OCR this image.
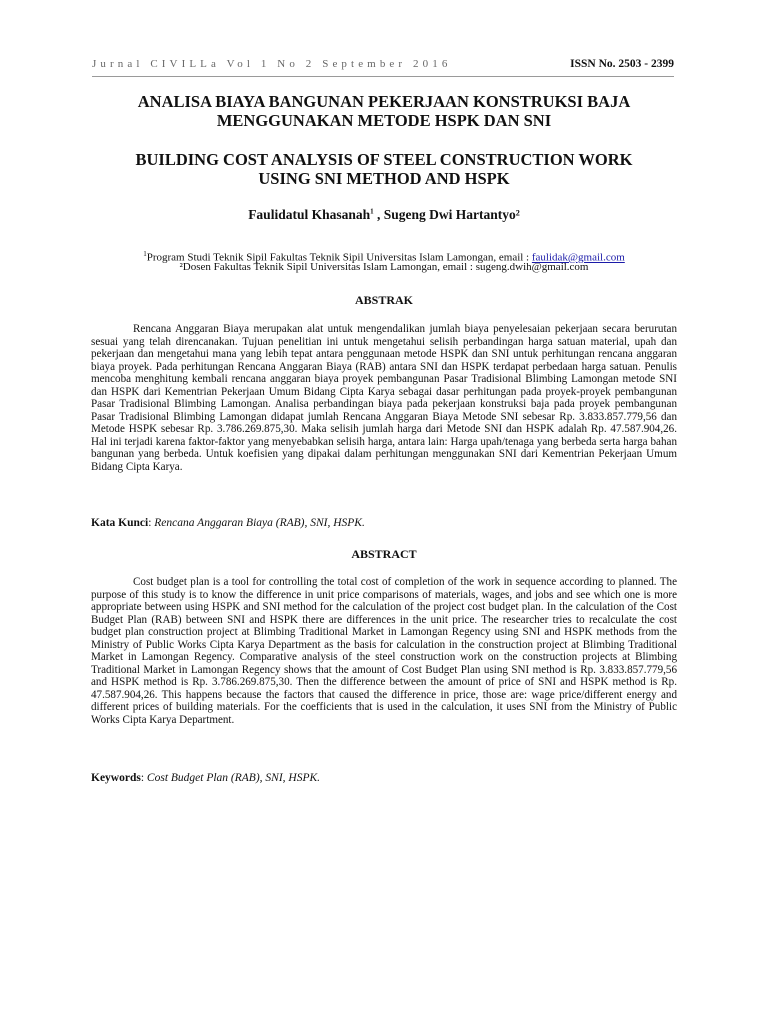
Jurnal CIVILLa Vol 1 No 2 September 2016	ISSN No. 2503 - 2399
ANALISA BIAYA BANGUNAN PEKERJAAN KONSTRUKSI BAJA
MENGGUNAKAN METODE HSPK DAN SNI
BUILDING COST ANALYSIS OF STEEL CONSTRUCTION WORK
USING SNI METHOD AND HSPK
Faulidatul Khasanah$^1$ , Sugeng Dwi Hartantyo²
$^1$Program Studi Teknik Sipil Fakultas Teknik Sipil Universitas Islam Lamongan, email : faulidak@gmail.com
²Dosen Fakultas Teknik Sipil Universitas Islam Lamongan, email : sugeng.dwih@gmail.com
ABSTRAK

Rencana Anggaran Biaya merupakan alat untuk mengendalikan jumlah biaya penyelesaian pekerjaan secara berurutan sesuai yang telah direncanakan. Tujuan penelitian ini untuk mengetahui selisih perbandingan harga satuan material, upah dan pekerjaan dan mengetahui mana yang lebih tepat antara penggunaan metode HSPK dan SNI untuk perhitungan rencana anggaran biaya proyek. Pada perhitungan Rencana Anggaran Biaya (RAB) antara SNI dan HSPK terdapat perbedaan harga satuan. Penulis mencoba menghitung kembali rencana anggaran biaya proyek pembangunan Pasar Tradisional Blimbing Lamongan metode SNI dan HSPK dari Kementrian Pekerjaan Umum Bidang Cipta Karya sebagai dasar perhitungan pada proyek-proyek pembangunan Pasar Tradisional Blimbing Lamongan. Analisa perbandingan biaya pada pekerjaan konstruksi baja pada proyek pembangunan Pasar Tradisional Blimbing Lamongan didapat jumlah Rencana Anggaran Biaya Metode SNI sebesar Rp. 3.833.857.779,56 dan Metode HSPK sebesar Rp. 3.786.269.875,30. Maka selisih jumlah harga dari Metode SNI dan HSPK adalah Rp. 47.587.904,26. Hal ini terjadi karena faktor-faktor yang menyebabkan selisih harga, antara lain: Harga upah/tenaga yang berbeda serta harga bahan bangunan yang berbeda. Untuk koefisien yang dipakai dalam perhitungan menggunakan SNI dari Kementrian Pekerjaan Umum Bidang Cipta Karya.

Kata Kunci: Rencana Anggaran Biaya (RAB), SNI, HSPK.
ABSTRACT

Cost budget plan is a tool for controlling the total cost of completion of the work in sequence according to planned. The purpose of this study is to know the difference in unit price comparisons of materials, wages, and jobs and see which one is more appropriate between using HSPK and SNI method for the calculation of the project cost budget plan. In the calculation of the Cost Budget Plan (RAB) between SNI and HSPK there are differences in the unit price. The researcher tries to recalculate the cost budget plan construction project at Blimbing Traditional Market in Lamongan Regency using SNI and HSPK methods from the Ministry of Public Works Cipta Karya Department as the basis for calculation in the construction project at Blimbing Traditional Market in Lamongan Regency. Comparative analysis of the steel construction work on the construction projects at Blimbing Traditional Market in Lamongan Regency shows that the amount of Cost Budget Plan using SNI method is Rp. 3.833.857.779,56 and HSPK method is Rp. 3.786.269.875,30. Then the difference between the amount of price of SNI and HSPK method is Rp. 47.587.904,26. This happens because the factors that caused the difference in price, those are: wage price/different energy and different prices of building materials. For the coefficients that is used in the calculation, it uses SNI from the Ministry of Public Works Cipta Karya Department.

Keywords: Cost Budget Plan (RAB), SNI, HSPK.
